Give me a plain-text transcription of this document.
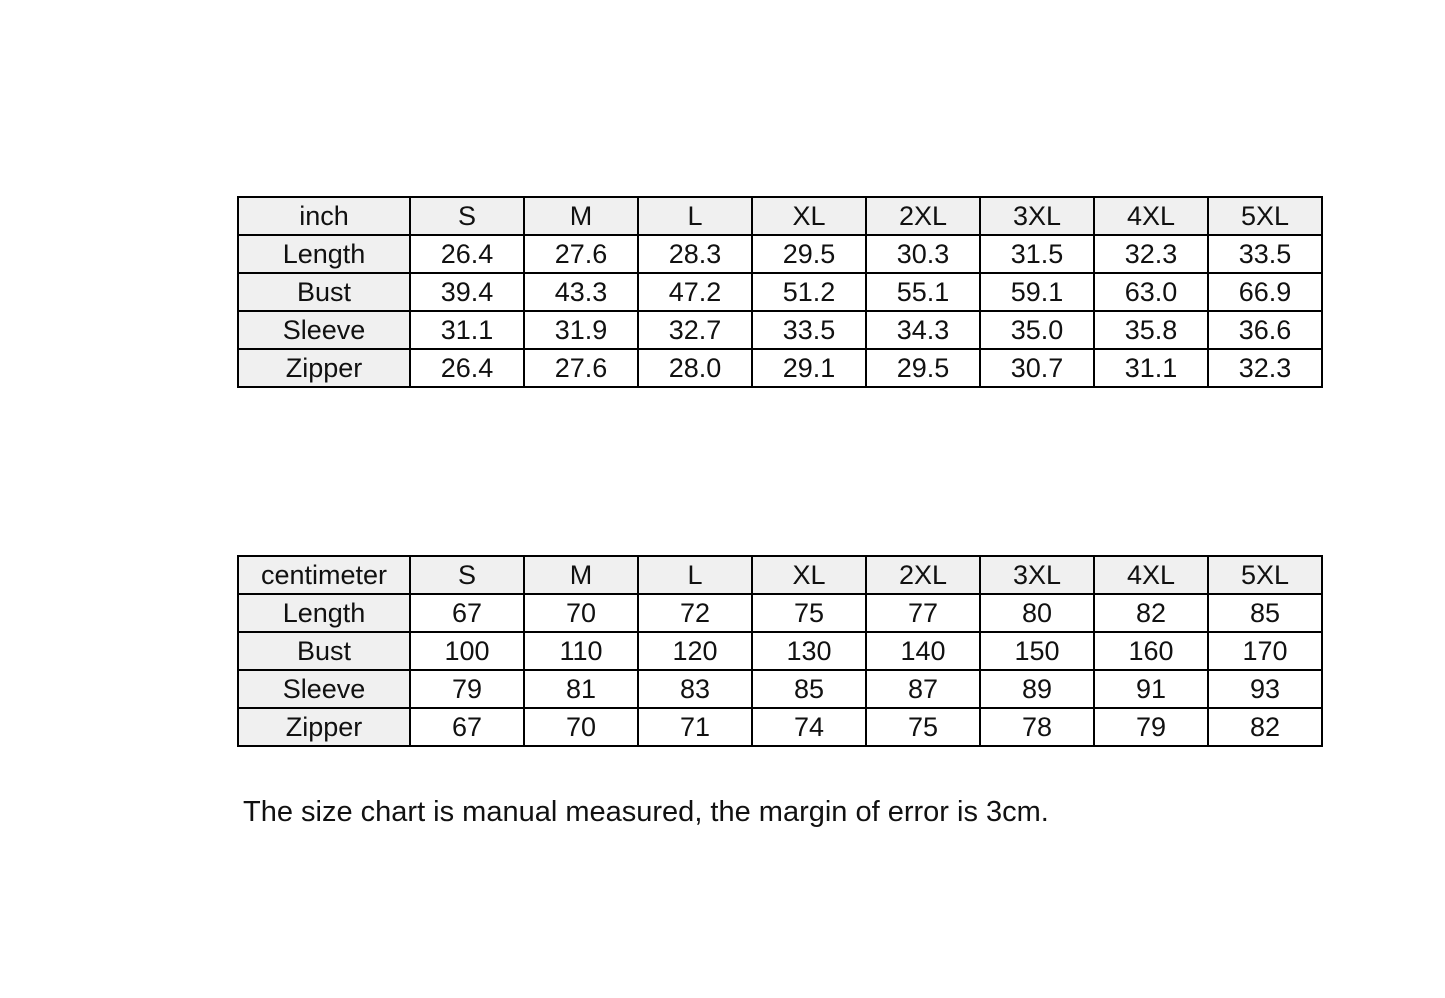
inch	S	M	L	XL	2XL	3XL	4XL	5XL
Length	26.4	27.6	28.3	29.5	30.3	31.5	32.3	33.5
Bust	39.4	43.3	47.2	51.2	55.1	59.1	63.0	66.9
Sleeve	31.1	31.9	32.7	33.5	34.3	35.0	35.8	36.6
Zipper	26.4	27.6	28.0	29.1	29.5	30.7	31.1	32.3
centimeter	S	M	L	XL	2XL	3XL	4XL	5XL
Length	67	70	72	75	77	80	82	85
Bust	100	110	120	130	140	150	160	170
Sleeve	79	81	83	85	87	89	91	93
Zipper	67	70	71	74	75	78	79	82

The size chart is manual measured, the margin of error is 3cm.
